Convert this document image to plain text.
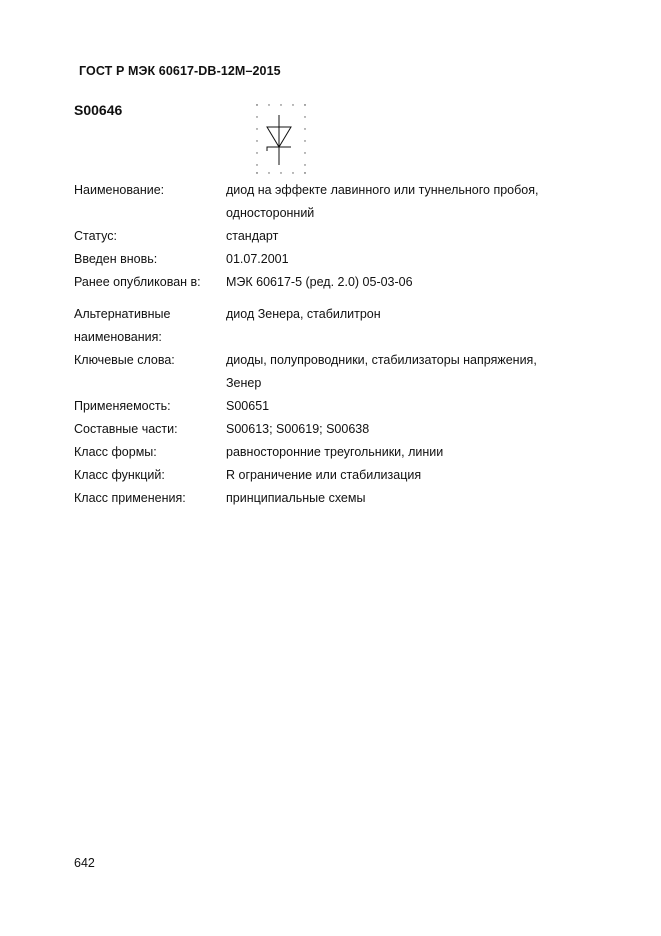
ГОСТ Р МЭК 60617-DB-12M–2015
S00646
Наименование:	диод на эффекте лавинного или туннельного пробоя,
односторонний
Статус:	стандарт
Введен вновь:	01.07.2001
Ранее опубликован в:	МЭК 60617-5 (ред. 2.0) 05-03-06
Альтернативные
наименования:
диод Зенера, стабилитрон
Ключевые слова:	диоды, полупроводники, стабилизаторы напряжения,
Зенер
Применяемость:	S00651
Составные части:	S00613; S00619; S00638
Класс формы:	равносторонние треугольники, линии
Класс функций:	R ограничение или стабилизация
Класс применения:	принципиальные схемы
642
